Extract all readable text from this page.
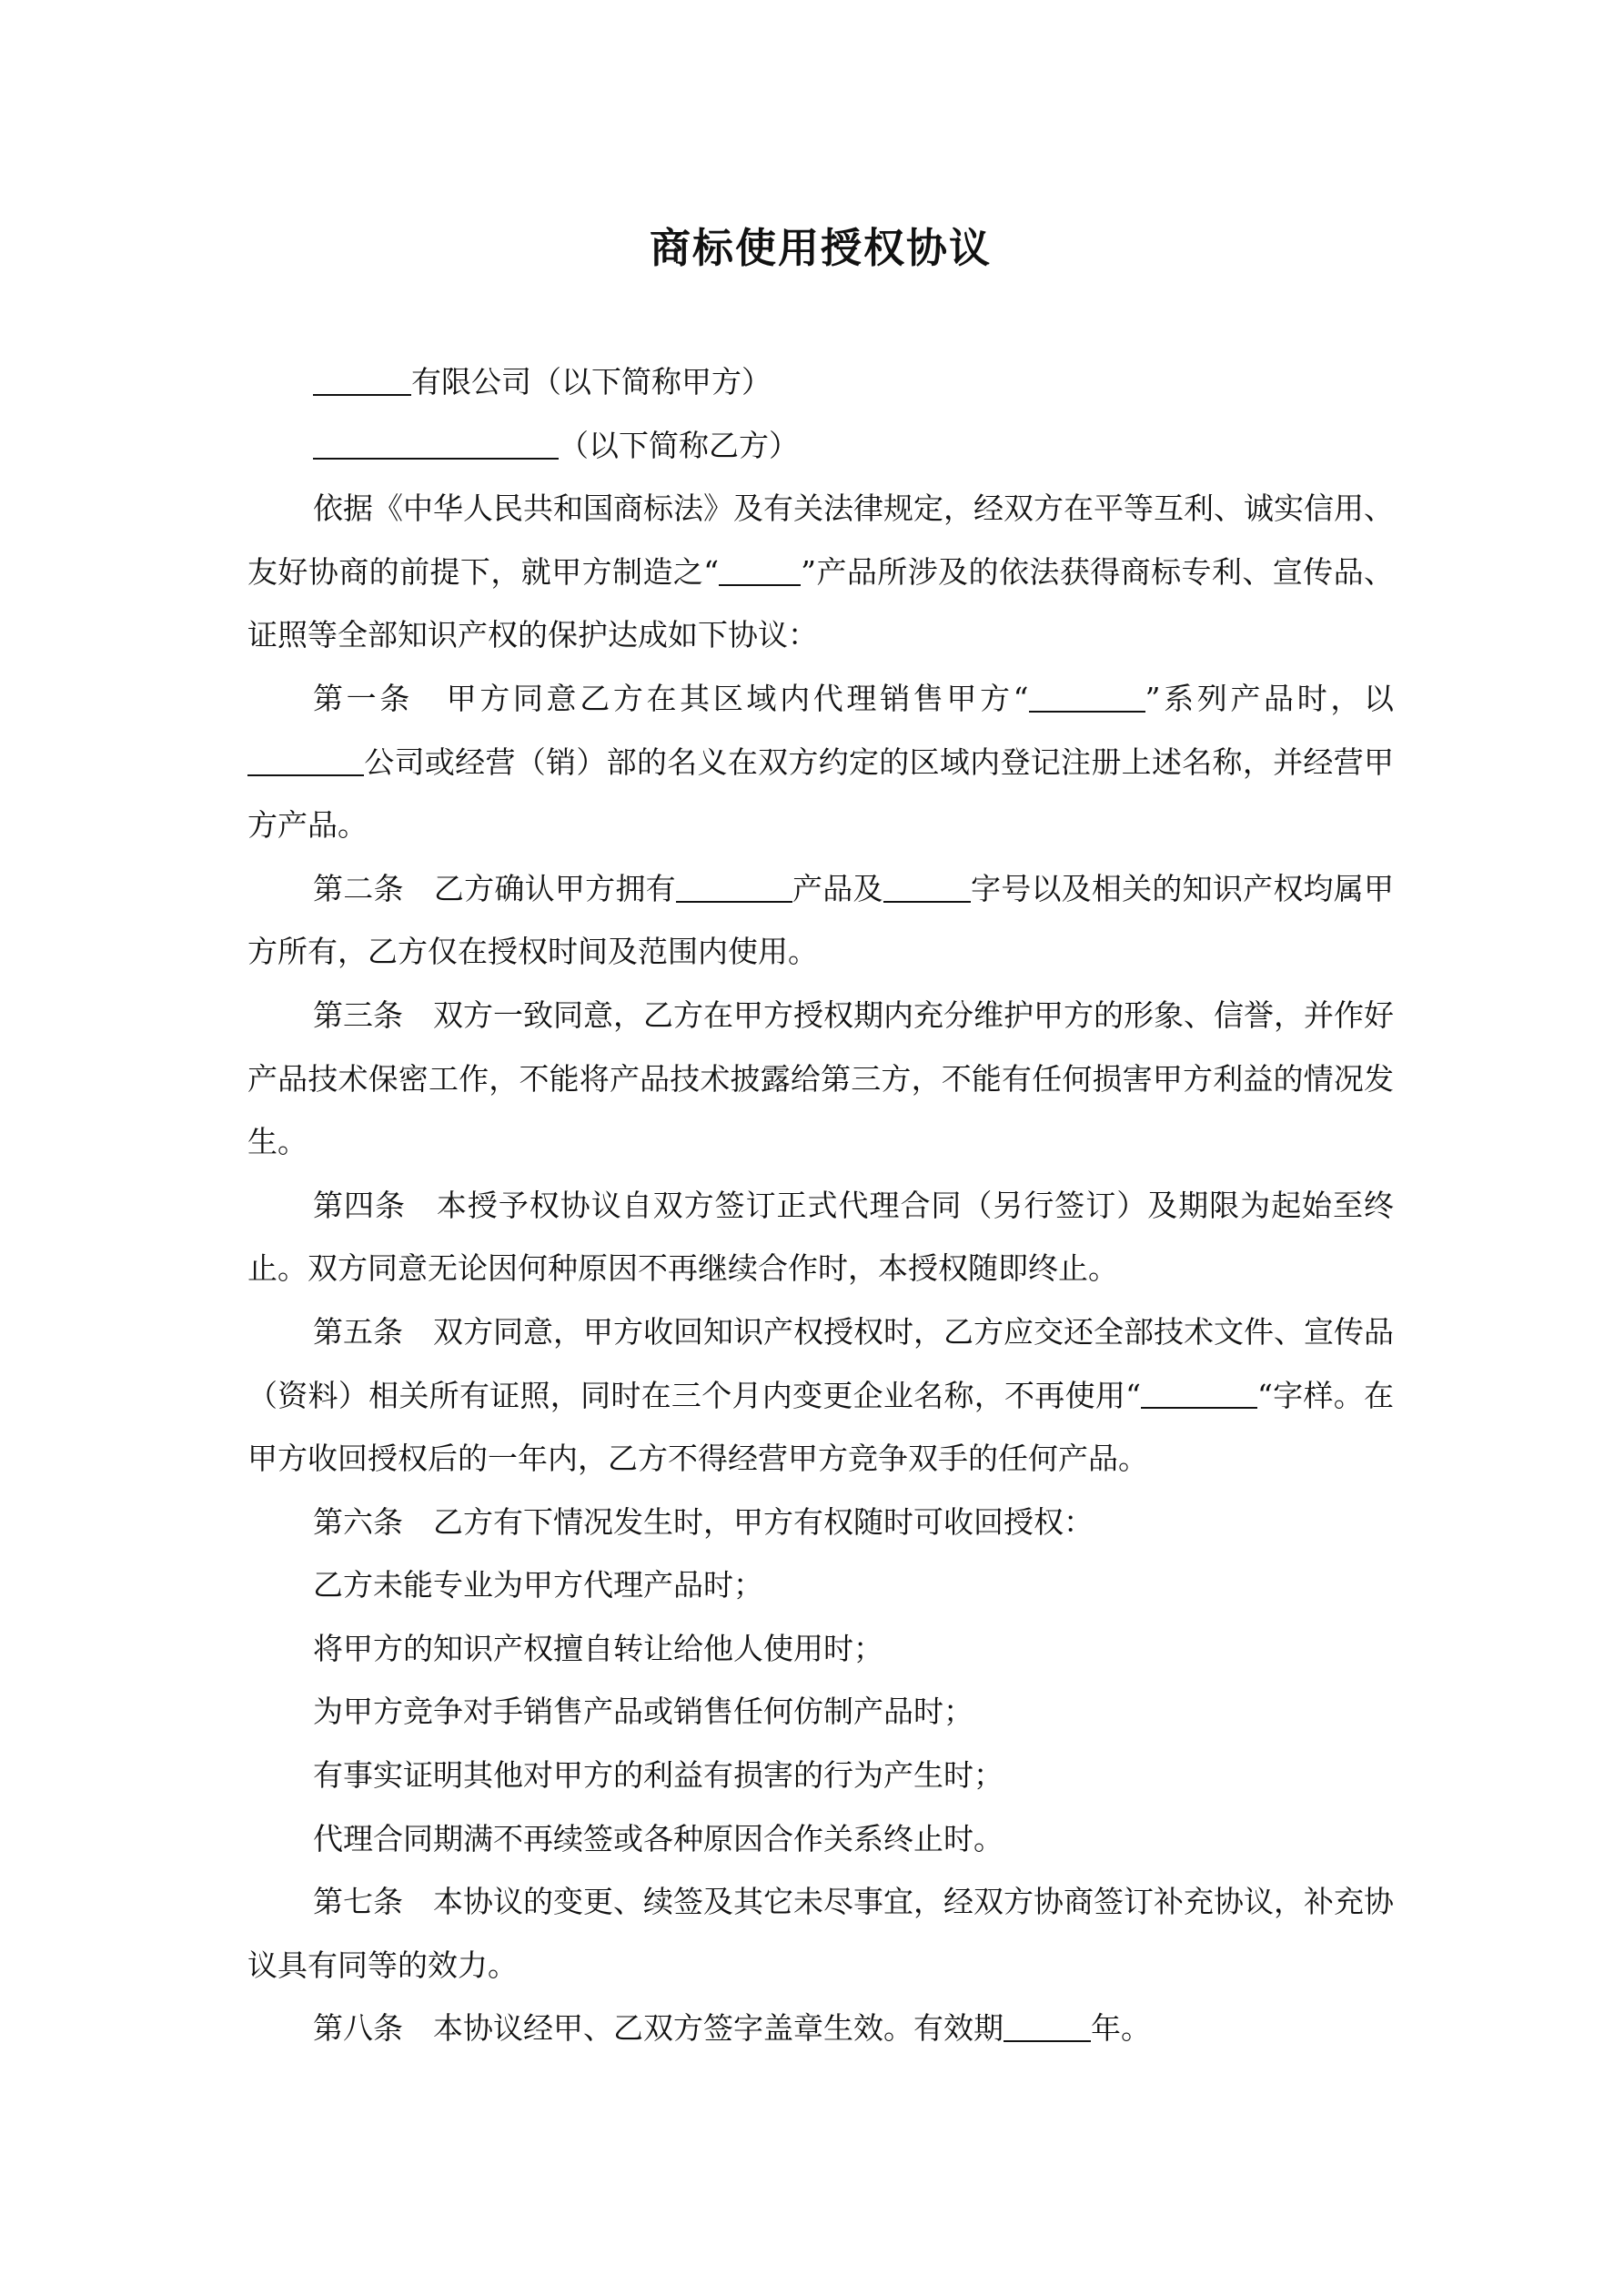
商标使用授权协议

有限公司（以下简称甲方）

（以下简称乙方）

依据《中华人民共和国商标法》及有关法律规定，经双方在平等互利、诚实信用、友好协商的前提下，就甲方制造之“	”产品所涉及的依法获得商标专利、宣传品、证照等全部知识产权的保护达成如下协议：

第一条　甲方同意乙方在其区域内代理销售甲方“	”系列产品时，以公司或经营（销）部的名义在双方约定的区域内登记注册上述名称，并经营甲方产品。

第二条　乙方确认甲方拥有	产品及	字号以及相关的知识产权均属甲方所有，乙方仅在授权时间及范围内使用。

第三条　双方一致同意，乙方在甲方授权期内充分维护甲方的形象、信誉，并作好产品技术保密工作，不能将产品技术披露给第三方，不能有任何损害甲方利益的情况发生。

第四条　本授予权协议自双方签订正式代理合同（另行签订）及期限为起始至终止。双方同意无论因何种原因不再继续合作时，本授权随即终止。

第五条　双方同意，甲方收回知识产权授权时，乙方应交还全部技术文件、宣传品（资料）相关所有证照，同时在三个月内变更企业名称，不再使用“	“字样。在甲方收回授权后的一年内，乙方不得经营甲方竞争双手的任何产品。

第六条　乙方有下情况发生时，甲方有权随时可收回授权：

乙方未能专业为甲方代理产品时；

将甲方的知识产权擅自转让给他人使用时；

为甲方竞争对手销售产品或销售任何仿制产品时；

有事实证明其他对甲方的利益有损害的行为产生时；

代理合同期满不再续签或各种原因合作关系终止时。

第七条　本协议的变更、续签及其它未尽事宜，经双方协商签订补充协议，补充协议具有同等的效力。

第八条　本协议经甲、乙双方签字盖章生效。有效期	年。
